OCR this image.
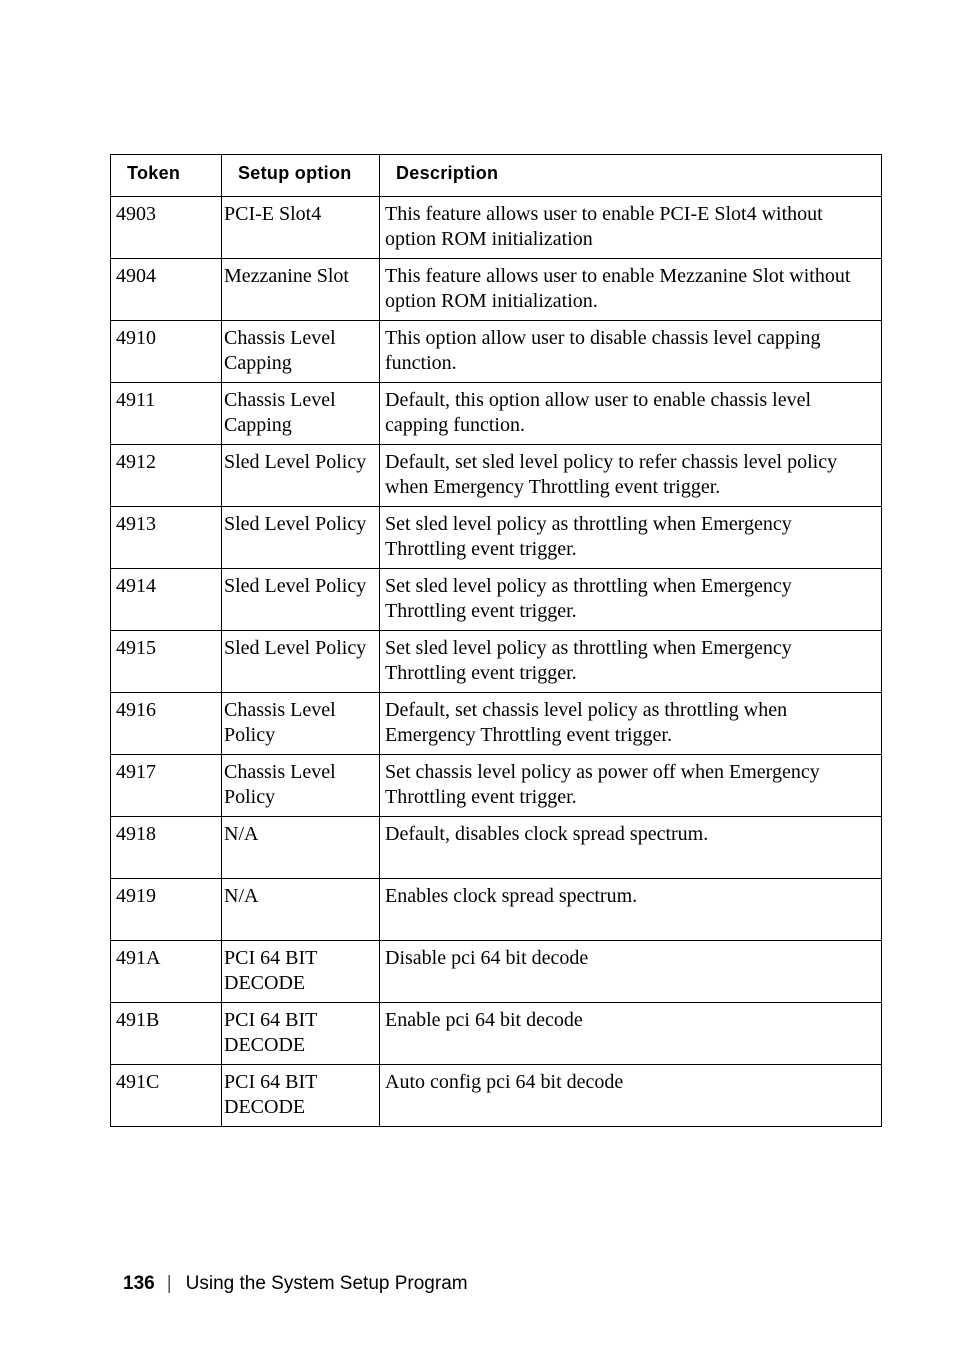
Token	Setup option	Description
4903	PCI-E Slot4	This feature allows user to enable PCI-E Slot4 without option ROM initialization
4904	Mezzanine Slot	This feature allows user to enable Mezzanine Slot without option ROM initialization.
4910	Chassis Level Capping	This option allow user to disable chassis level capping function.
4911	Chassis Level Capping	Default, this option allow user to enable chassis level capping function.
4912	Sled Level Policy	Default, set sled level policy to refer chassis level policy when Emergency Throttling event trigger.
4913	Sled Level Policy	Set sled level policy as throttling when Emergency Throttling event trigger.
4914	Sled Level Policy	Set sled level policy as throttling when Emergency Throttling event trigger.
4915	Sled Level Policy	Set sled level policy as throttling when Emergency Throttling event trigger.
4916	Chassis Level Policy	Default, set chassis level policy as throttling when Emergency Throttling event trigger.
4917	Chassis Level Policy	Set chassis level policy as power off when Emergency Throttling event trigger.
4918	N/A	Default, disables clock spread spectrum.
4919	N/A	Enables clock spread spectrum.
491A	PCI 64 BIT DECODE	Disable pci 64 bit decode
491B	PCI 64 BIT DECODE	Enable pci 64 bit decode
491C	PCI 64 BIT DECODE	Auto config pci 64 bit decode
136 | Using the System Setup Program
